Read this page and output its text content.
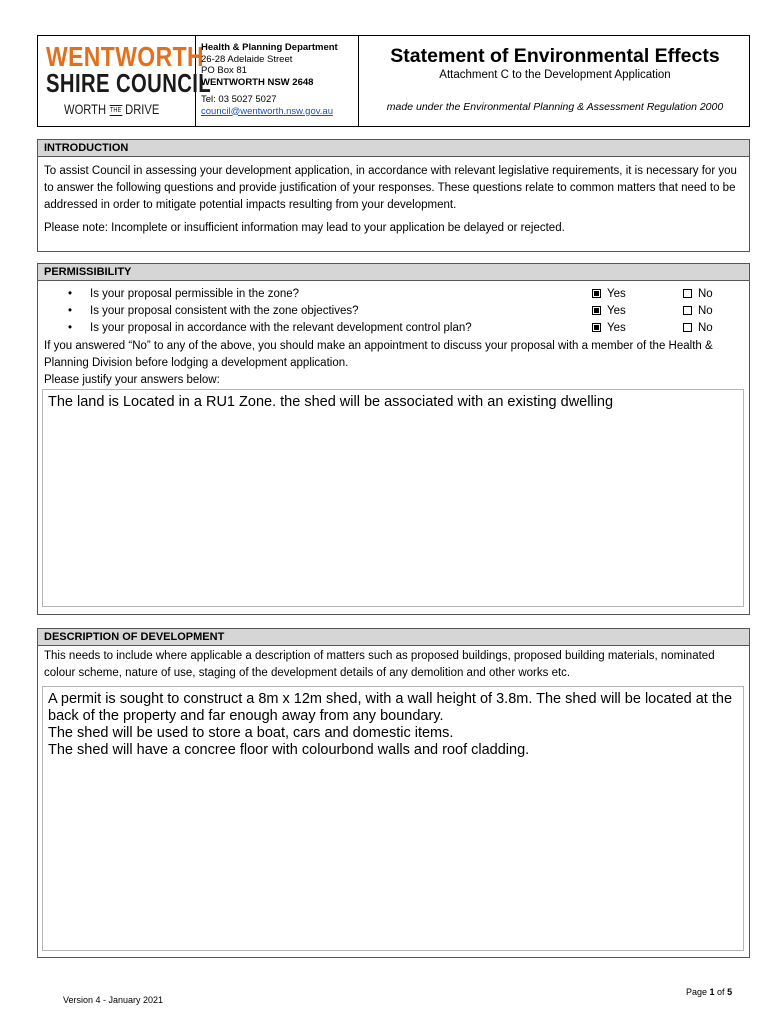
WENTWORTH
SHIRE COUNCIL
WORTH THE DRIVE
Health & Planning Department
26-28 Adelaide Street
PO Box 81
WENTWORTH NSW 2648
Tel: 03 5027 5027
council@wentworth.nsw.gov.au
Statement of Environmental Effects
Attachment C to the Development Application
made under the Environmental Planning & Assessment Regulation 2000
INTRODUCTION
To assist Council in assessing your development application, in accordance with relevant legislative requirements, it is necessary for you to answer the following questions and provide justification of your responses. These questions relate to common matters that need to be addressed in order to mitigate potential impacts resulting from your development.
Please note: Incomplete or insufficient information may lead to your application be delayed or rejected.
PERMISSIBILITY
• Is your proposal permissible in the zone?	Yes	No
• Is your proposal consistent with the zone objectives?	Yes	No
• Is your proposal in accordance with the relevant development control plan?	Yes	No
If you answered “No” to any of the above, you should make an appointment to discuss your proposal with a member of the Health & Planning Division before lodging a development application.
Please justify your answers below:
The land is Located in a RU1 Zone. the shed will be associated with an existing dwelling
DESCRIPTION OF DEVELOPMENT
This needs to include where applicable a description of matters such as proposed buildings, proposed building materials, nominated colour scheme, nature of use, staging of the development details of any demolition and other works etc.
A permit is sought to construct a 8m x 12m shed, with a wall height of 3.8m. The shed will be located at the back of the property and far enough away from any boundary.
The shed will be used to store a boat, cars and domestic items.
The shed will have a concree floor with colourbond walls and roof cladding.
Version 4 - January 2021
Page 1 of 5
